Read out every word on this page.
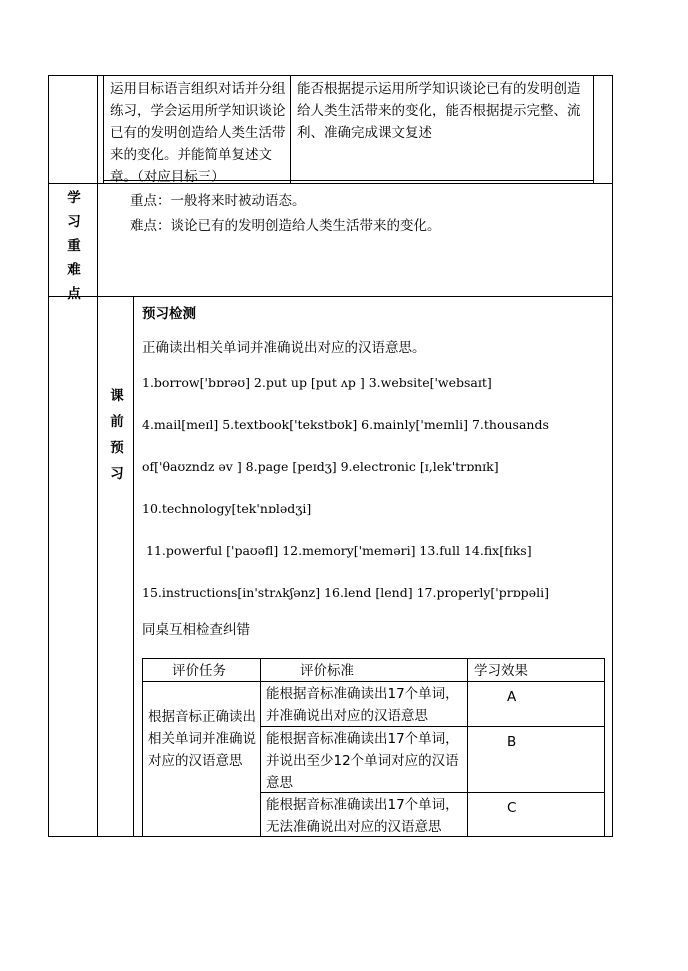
运用目标语言组织对话并分组练习，学会运用所学知识谈论已有的发明创造给人类生活带来的变化。并能简单复述文章。（对应目标三）
能否根据提示运用所学知识谈论已有的发明创造给人类生活带来的变化，能否根据提示完整、流利、准确完成课文复述
学
习
重
难
点
重点：一般将来时被动语态。
难点：谈论已有的发明创造给人类生活带来的变化。
课
前
预
习
预习检测
正确读出相关单词并准确说出对应的汉语意思。
1.borrow['bɒrəʊ] 2.put up [put ʌp ] 3.website['websaɪt]
4.mail[meɪl] 5.textbook['tekstbʊk] 6.mainly['meɪnli] 7.thousands
of['θaʊzndz əv ] 8.page [peɪdʒ] 9.electronic [ɪ,lek'trɒnɪk]
10.technology[tek'nɒlədʒi]
11.powerful ['paʊəfl] 12.memory['meməri] 13.full 14.fix[fɪks]
15.instructions[in'strʌkʃənz] 16.lend [lend] 17.properly['prɒpəli]
同桌互相检查纠错
评价任务	评价标准	学习效果
根据音标正确读出相关单词并准确说对应的汉语意思
能根据音标准确读出17个单词，并准确说出对应的汉语意思
A
能根据音标准确读出17个单词，并说出至少12个单词对应的汉语意思
B
能根据音标准确读出17个单词，无法准确说出对应的汉语意思
C
